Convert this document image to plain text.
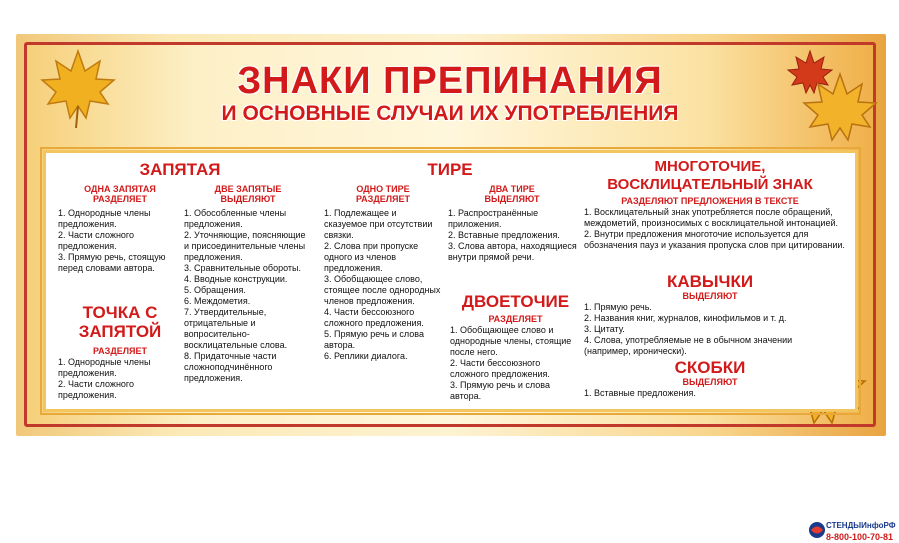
ЗНАКИ ПРЕПИНАНИЯ
И ОСНОВНЫЕ СЛУЧАИ ИХ УПОТРЕБЛЕНИЯ
ЗАПЯТАЯ
ОДНА ЗАПЯТАЯ
РАЗДЕЛЯЕТ
1. Однородные члены предложения.
2. Части сложного предложения.
3. Прямую речь, стоящую перед словами автора.
ДВЕ ЗАПЯТЫЕ
ВЫДЕЛЯЮТ
1. Обособленные члены предложения.
2. Уточняющие, поясняющие и присоединительные члены предложения.
3. Сравнительные обороты.
4. Вводные конструкции.
5. Обращения.
6. Междометия.
7. Утвердительные, отрицательные и вопросительно-восклицательные слова.
8. Придаточные части сложноподчинённого предложения.
ТОЧКА С
ЗАПЯТОЙ
РАЗДЕЛЯЕТ
1. Однородные члены предложения.
2. Части сложного предложения.
ТИРЕ
ОДНО ТИРЕ
РАЗДЕЛЯЕТ
1. Подлежащее и сказуемое при отсутствии связки.
2. Слова при пропуске одного из членов предложения.
3. Обобщающее слово, стоящее после однородных членов предложения.
4. Части бессоюзного сложного предложения.
5. Прямую речь и слова автора.
6. Реплики диалога.
ДВА ТИРЕ
ВЫДЕЛЯЮТ
1. Распространённые приложения.
2. Вставные предложения.
3. Слова автора, находящиеся внутри прямой речи.
ДВОЕТОЧИЕ
РАЗДЕЛЯЕТ
1. Обобщающее слово и однородные члены, стоящие после него.
2. Части бессоюзного сложного предложения.
3. Прямую речь и слова автора.
МНОГОТОЧИЕ,
ВОСКЛИЦАТЕЛЬНЫЙ ЗНАК
РАЗДЕЛЯЮТ ПРЕДЛОЖЕНИЯ В ТЕКСТЕ
1. Восклицательный знак употребляется после обращений, междометий, произносимых с восклицательной интонацией.
2. Внутри предложения многоточие используется для обозначения пауз и указания пропуска слов при цитировании.
КАВЫЧКИ
ВЫДЕЛЯЮТ
1. Прямую речь.
2. Названия книг, журналов, кинофильмов и т. д.
3. Цитату.
4. Слова, употребляемые не в обычном значении (например, иронически).
СКОБКИ
ВЫДЕЛЯЮТ
1. Вставные предложения.
СТЕНДЫИнфоРФ
8-800-100-70-81
